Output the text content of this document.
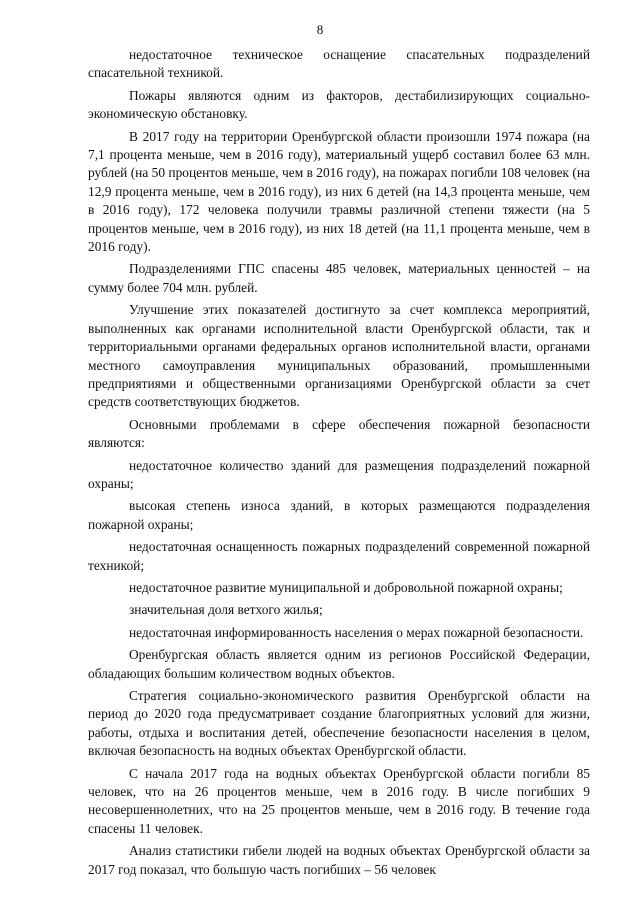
8

недостаточное техническое оснащение спасательных подразделений спасательной техникой.

Пожары являются одним из факторов, дестабилизирующих социально-экономическую обстановку.

В 2017 году на территории Оренбургской области произошли 1974 пожара (на 7,1 процента меньше, чем в 2016 году), материальный ущерб составил более 63 млн. рублей (на 50 процентов меньше, чем в 2016 году), на пожарах погибли 108 человек (на 12,9 процента меньше, чем в 2016 году), из них 6 детей (на 14,3 процента меньше, чем в 2016 году), 172 человека получили травмы различной степени тяжести (на 5 процентов меньше, чем в 2016 году), из них 18 детей (на 11,1 процента меньше, чем в 2016 году).

Подразделениями ГПС спасены 485 человек, материальных ценностей – на сумму более 704 млн. рублей.

Улучшение этих показателей достигнуто за счет комплекса мероприятий, выполненных как органами исполнительной власти Оренбургской области, так и территориальными органами федеральных органов исполнительной власти, органами местного самоуправления муниципальных образований, промышленными предприятиями и общественными организациями Оренбургской области за счет средств соответствующих бюджетов.

Основными проблемами в сфере обеспечения пожарной безопасности являются:

недостаточное количество зданий для размещения подразделений пожарной охраны;

высокая степень износа зданий, в которых размещаются подразделения пожарной охраны;

недостаточная оснащенность пожарных подразделений современной пожарной техникой;

недостаточное развитие муниципальной и добровольной пожарной охраны;

значительная доля ветхого жилья;

недостаточная информированность населения о мерах пожарной безопасности.

Оренбургская область является одним из регионов Российской Федерации, обладающих большим количеством водных объектов.

Стратегия социально-экономического развития Оренбургской области на период до 2020 года предусматривает создание благоприятных условий для жизни, работы, отдыха и воспитания детей, обеспечение безопасности населения в целом, включая безопасность на водных объектах Оренбургской области.

С начала 2017 года на водных объектах Оренбургской области погибли 85 человек, что на 26 процентов меньше, чем в 2016 году. В числе погибших 9 несовершеннолетних, что на 25 процентов меньше, чем в 2016 году. В течение года спасены 11 человек.

Анализ статистики гибели людей на водных объектах Оренбургской области за 2017 год показал, что большую часть погибших – 56 человек
